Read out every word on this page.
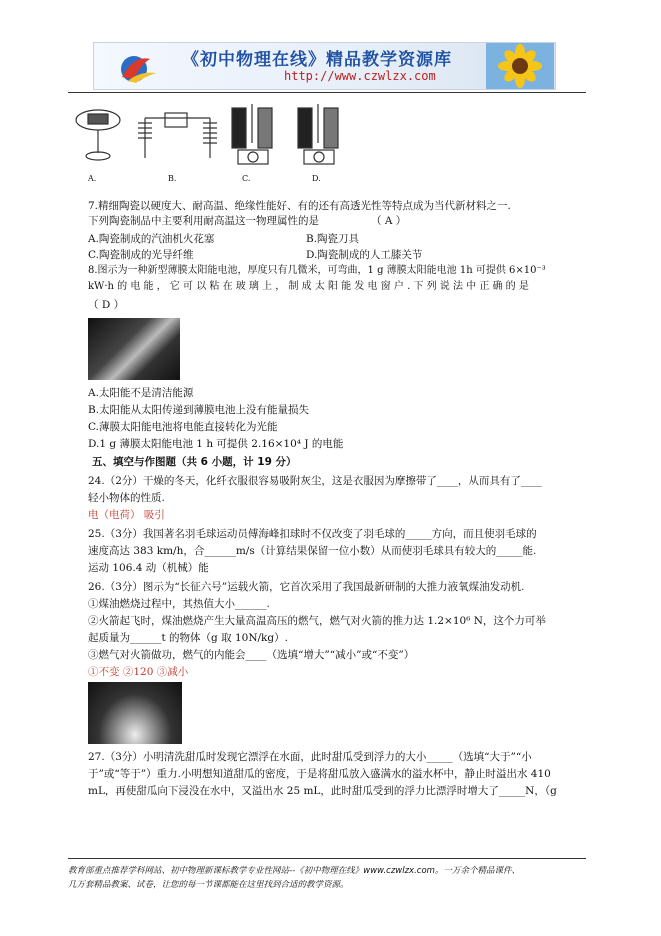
《初中物理在线》精品教学资源库
http://www.czwlzx.com
A.	B.	C.	D.
7.精细陶瓷以硬度大、耐高温、绝缘性能好、有的还有高透光性等特点成为当代新材料之一.
下列陶瓷制品中主要利用耐高温这一物理属性的是	（ A ）
A.陶瓷制成的汽油机火花塞	B.陶瓷刀具
C.陶瓷制成的光导纤维	D.陶瓷制成的人工膝关节
8.图示为一种新型薄膜太阳能电池，厚度只有几微米，可弯曲，1 g 薄膜太阳能电池 1h 可提供 6×10⁻³
kW·h 的 电 能 ， 它 可 以 粘 在 玻 璃 上 ， 制 成 太 阳 能 发 电 窗 户 . 下 列 说 法 中 正 确 的 是
（ D ）
A.太阳能不是清洁能源
B.太阳能从太阳传递到薄膜电池上没有能量损失
C.薄膜太阳能电池将电能直接转化为光能
D.1 g 薄膜太阳能电池 1 h 可提供 2.16×10⁴ J 的电能
五、填空与作图题（共 6 小题，计 19 分）
24.（2分）干燥的冬天，化纤衣服很容易吸附灰尘，这是衣服因为摩擦带了____，从而具有了____
轻小物体的性质.
电（电荷） 吸引
25.（3分）我国著名羽毛球运动员傅海峰扣球时不仅改变了羽毛球的_____方向，而且使羽毛球的
速度高达 383 km/h，合______m/s（计算结果保留一位小数）从而使羽毛球具有较大的_____能.
运动 106.4 动（机械）能
26.（3分）图示为“长征六号”运载火箭，它首次采用了我国最新研制的大推力液氧煤油发动机.
①煤油燃烧过程中，其热值大小______.
②火箭起飞时，煤油燃烧产生大量高温高压的燃气，燃气对火箭的推力达 1.2×10⁶ N，这个力可举
起质量为______t 的物体（g 取 10N/kg）.
③燃气对火箭做功，燃气的内能会____（选填“增大”“减小”或“不变”）
①不变 ②120 ③减小
27.（3分）小明清洗甜瓜时发现它漂浮在水面，此时甜瓜受到浮力的大小_____（选填“大于”“小
于”或“等于”）重力.小明想知道甜瓜的密度，于是将甜瓜放入盛满水的溢水杯中，静止时溢出水 410
mL，再使甜瓜向下浸没在水中，又溢出水 25 mL，此时甜瓜受到的浮力比漂浮时增大了_____N，（g
教育部重点推荐学科网站、初中物理新课标教学专业性网站--《初中物理在线》www.czwlzx.com。一万余个精品课件、
几万套精品教案、试卷，让您的每一节课都能在这里找到合适的教学资源。
